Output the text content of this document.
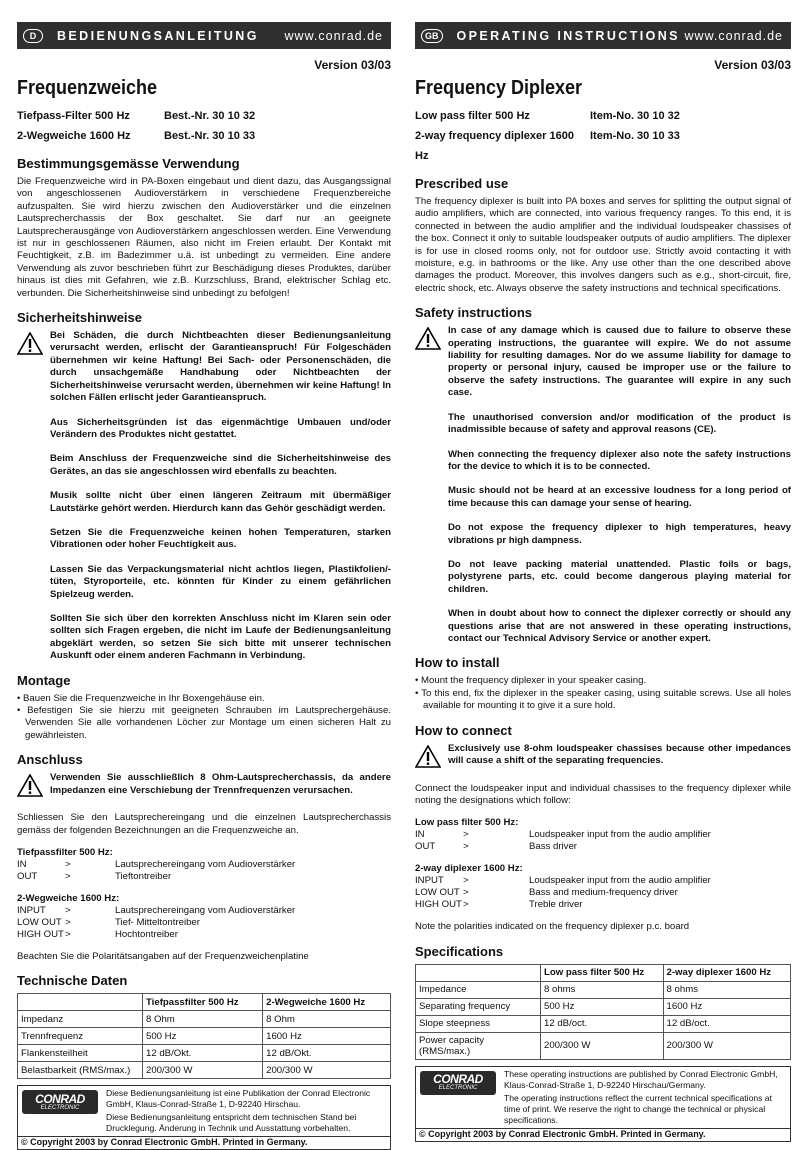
D	BEDIENUNGSANLEITUNG www.conrad.de
Version 03/03
Frequenzweiche
Tiefpass-Filter 500 Hz	Best.-Nr. 30 10 32
2-Wegweiche 1600 Hz	Best.-Nr. 30 10 33
Bestimmungsgemässe Verwendung

Die Frequenzweiche wird in PA-Boxen eingebaut und dient dazu, das Ausgangssignal von angeschlossenen Audioverstärkern in verschiedene Frequenzbereiche aufzuspalten. Sie wird hierzu zwischen den Audioverstärker und die einzelnen Lautsprecherchassis der Box geschaltet. Sie darf nur an geeignete Lautsprecherausgänge von Audioverstärkern angeschlossen werden. Eine Verwendung ist nur in geschlossenen Räumen, also nicht im Freien erlaubt. Der Kontakt mit Feuchtigkeit, z.B. im Badezimmer u.ä. ist unbedingt zu vermeiden. Eine andere Verwendung als zuvor beschrieben führt zur Beschädigung dieses Produktes, darüber hinaus ist dies mit Gefahren, wie z.B. Kurzschluss, Brand, elektrischer Schlag etc. verbunden. Die Sicherheitshinweise sind unbedingt zu befolgen!

Sicherheitshinweise

Bei Schäden, die durch Nichtbeachten dieser Bedienungsanleitung verursacht werden, erlischt der Garantieanspruch! Für Folgeschäden übernehmen wir keine Haftung! Bei Sach- oder Personenschäden, die durch unsachgemäße Handhabung oder Nichtbeachten der Sicherheitshinweise verursacht werden, übernehmen wir keine Haftung! In solchen Fällen erlischt jeder Garantieanspruch.

Aus Sicherheitsgründen ist das eigenmächtige Umbauen und/oder Verändern des Produktes nicht gestattet.

Beim Anschluss der Frequenzweiche sind die Sicherheitshinweise des Gerätes, an das sie angeschlossen wird ebenfalls zu beachten.

Musik sollte nicht über einen längeren Zeitraum mit übermäßiger Lautstärke gehört werden. Hierdurch kann das Gehör geschädigt werden.

Setzen Sie die Frequenzweiche keinen hohen Temperaturen, starken Vibrationen oder hoher Feuchtigkeit aus.

Lassen Sie das Verpackungsmaterial nicht achtlos liegen, Plastikfolien/-tüten, Styroporteile, etc. könnten für Kinder zu einem gefährlichen Spielzeug werden.

Sollten Sie sich über den korrekten Anschluss nicht im Klaren sein oder sollten sich Fragen ergeben, die nicht im Laufe der Bedienungsanleitung abgeklärt werden, so setzen Sie sich bitte mit unserer technischen Auskunft oder einem anderen Fachmann in Verbindung.

Montage
• Bauen Sie die Frequenzweiche in Ihr Boxengehäuse ein.
• Befestigen Sie sie hierzu mit geeigneten Schrauben im Lautsprechergehäuse. Verwenden Sie alle vorhandenen Löcher zur Montage um einen sicheren Halt zu gewährleisten.
Anschluss

Verwenden Sie ausschließlich 8 Ohm-Lautsprecherchassis, da andere Impedanzen eine Verschiebung der Trennfrequenzen verursachen.

Schliessen Sie den Lautsprechereingang und die einzelnen Lautsprecherchassis gemäss der folgenden Bezeichnungen an die Frequenzweiche an.

Tiefpassfilter 500 Hz:
IN	>	Lautsprechereingang vom Audioverstärker
OUT	>	Tieftontreiber
2-Wegweiche 1600 Hz:
INPUT	>	Lautsprechereingang vom Audioverstärker
LOW OUT >	Tief- Mitteltontreiber
HIGH OUT >	Hochtontreiber

Beachten Sie die Polaritätsangaben auf der Frequenzweichenplatine

Technische Daten
	Tiefpassfilter 500 Hz	2-Wegweiche 1600 Hz
Impedanz	8 Ohm	8 Ohm
Trennfrequenz	500 Hz	1600 Hz
Flankensteilheit	12 dB/Okt.	12 dB/Okt.
Belastbarkeit (RMS/max.)	200/300 W	200/300 W
CONRAD
ELECTRONIC
Diese Bedienungsanleitung ist eine Publikation der Conrad Electronic GmbH, Klaus-Conrad-Straße 1, D-92240 Hirschau.
Diese Bedienungsanleitung entspricht dem technischen Stand bei Drucklegung. Änderung in Technik und Ausstattung vorbehalten.
© Copyright 2003 by Conrad Electronic GmbH. Printed in Germany.
GB	OPERATING INSTRUCTIONS www.conrad.de
Version 03/03
Frequency Diplexer
Low pass filter 500 Hz	Item-No. 30 10 32
2-way frequency diplexer 1600 Hz
Item-No. 30 10 33
Prescribed use

The frequency diplexer is built into PA boxes and serves for splitting the output signal of audio amplifiers, which are connected, into various frequency ranges. To this end, it is connected in between the audio amplifier and the individual loudspeaker chassises of the box. Connect it only to suitable loudspeaker outputs of audio amplifiers. The diplexer is for use in closed rooms only, not for outdoor use. Strictly avoid contacting it with moisture, e.g. in bathrooms or the like. Any use other than the one described above damages the product. Moreover, this involves dangers such as e.g., short-circuit, fire, electric shock, etc. Always observe the safety instructions and technical specifications.

Safety instructions

In case of any damage which is caused due to failure to observe these operating instructions, the guarantee will expire. We do not assume liability for resulting damages. Nor do we assume liability for damage to property or personal injury, caused be improper use or the failure to observe the safety instructions. The guarantee will expire in any such case.

The unauthorised conversion and/or modification of the product is inadmissible because of safety and approval reasons (CE).

When connecting the frequency diplexer also note the safety instructions for the device to which it is to be connected.

Music should not be heard at an excessive loudness for a long period of time because this can damage your sense of hearing.

Do not expose the frequency diplexer to high temperatures, heavy vibrations pr high dampness.

Do not leave packing material unattended. Plastic foils or bags, polystyrene parts, etc. could become dangerous playing material for children.

When in doubt about how to connect the diplexer correctly or should any questions arise that are not answered in these operating instructions, contact our Technical Advisory Service or another expert.

How to install
• Mount the frequency diplexer in your speaker casing.
• To this end, fix the diplexer in the speaker casing, using suitable screws. Use all holes available for mounting it to give it a sure hold.
How to connect

Exclusively use 8-ohm loudspeaker chassises because other impedances will cause a shift of the separating frequencies.

Connect the loudspeaker input and individual chassises to the frequency diplexer while noting the designations which follow:

Low pass filter 500 Hz:
IN	>	Loudspeaker input from the audio amplifier
OUT	>	Bass driver
2-way diplexer 1600 Hz:
INPUT	>	Loudspeaker input from the audio amplifier
LOW OUT >	Bass and medium-frequency driver
HIGH OUT >	Treble driver

Note the polarities indicated on the frequency diplexer p.c. board

Specifications
	Low pass filter 500 Hz	2-way diplexer 1600 Hz
Impedance	8 ohms	8 ohms
Separating frequency	500 Hz	1600 Hz
Slope steepness	12 dB/oct.	12 dB/oct.
Power capacity (RMS/max.)	200/300 W	200/300 W
CONRAD
ELECTRONIC
These operating instructions are published by Conrad Electronic GmbH, Klaus-Conrad-Straße 1, D-92240 Hirschau/Germany.
The operating instructions reflect the current technical specifications at time of print. We reserve the right to change the technical or physical specifications.
© Copyright 2003 by Conrad Electronic GmbH. Printed in Germany.
